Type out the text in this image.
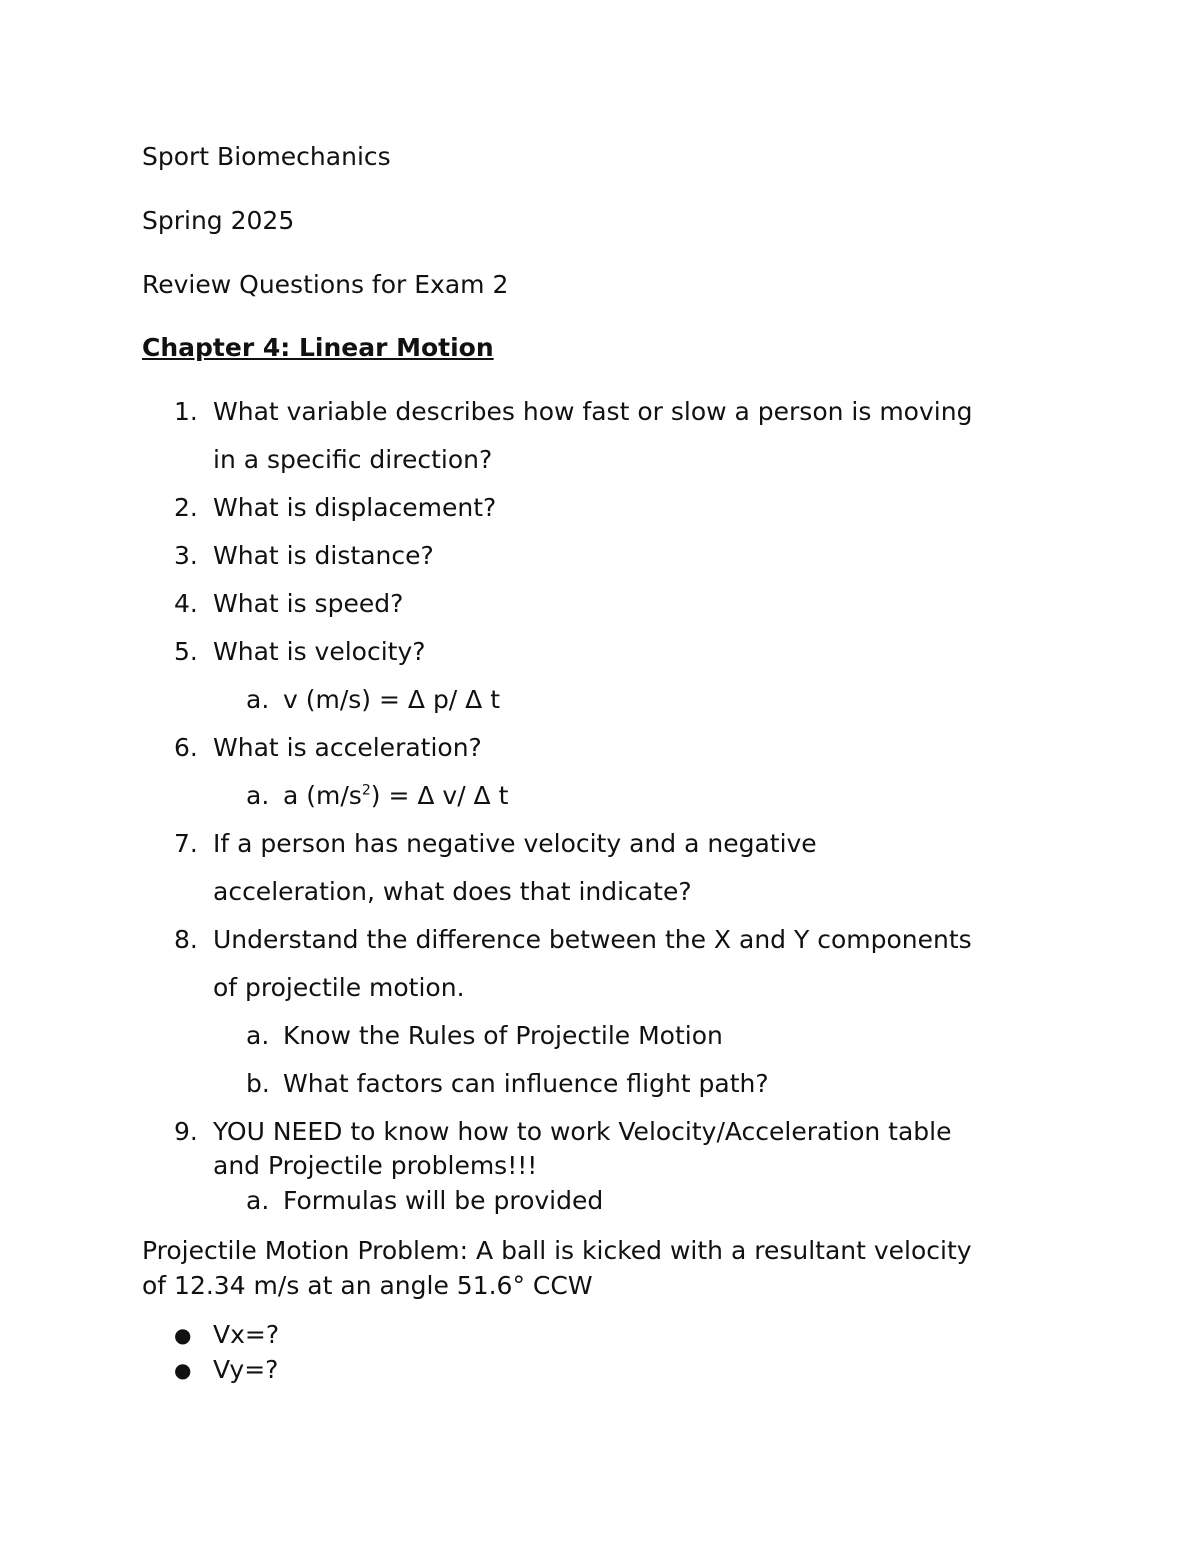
Sport Biomechanics
Spring 2025
Review Questions for Exam 2
Chapter 4: Linear Motion
1. What variable describes how fast or slow a person is moving
in a specific direction?
2. What is displacement?
3. What is distance?
4. What is speed?
5. What is velocity?
a. v (m/s) = Δ p/ Δ t
6. What is acceleration?
a. a $(m/s^2) = \Delta$ v/ Δ t
7. If a person has negative velocity and a negative
acceleration, what does that indicate?
8. Understand the difference between the X and Y components
of projectile motion.
a. Know the Rules of Projectile Motion
b. What factors can influence flight path?
9. YOU NEED to know how to work Velocity/Acceleration table
and Projectile problems!!!
a. Formulas will be provided
Projectile Motion Problem: A ball is kicked with a resultant velocity
of 12.34 m/s at an angle 51.6° CCW
● Vx=?
● Vy=?
